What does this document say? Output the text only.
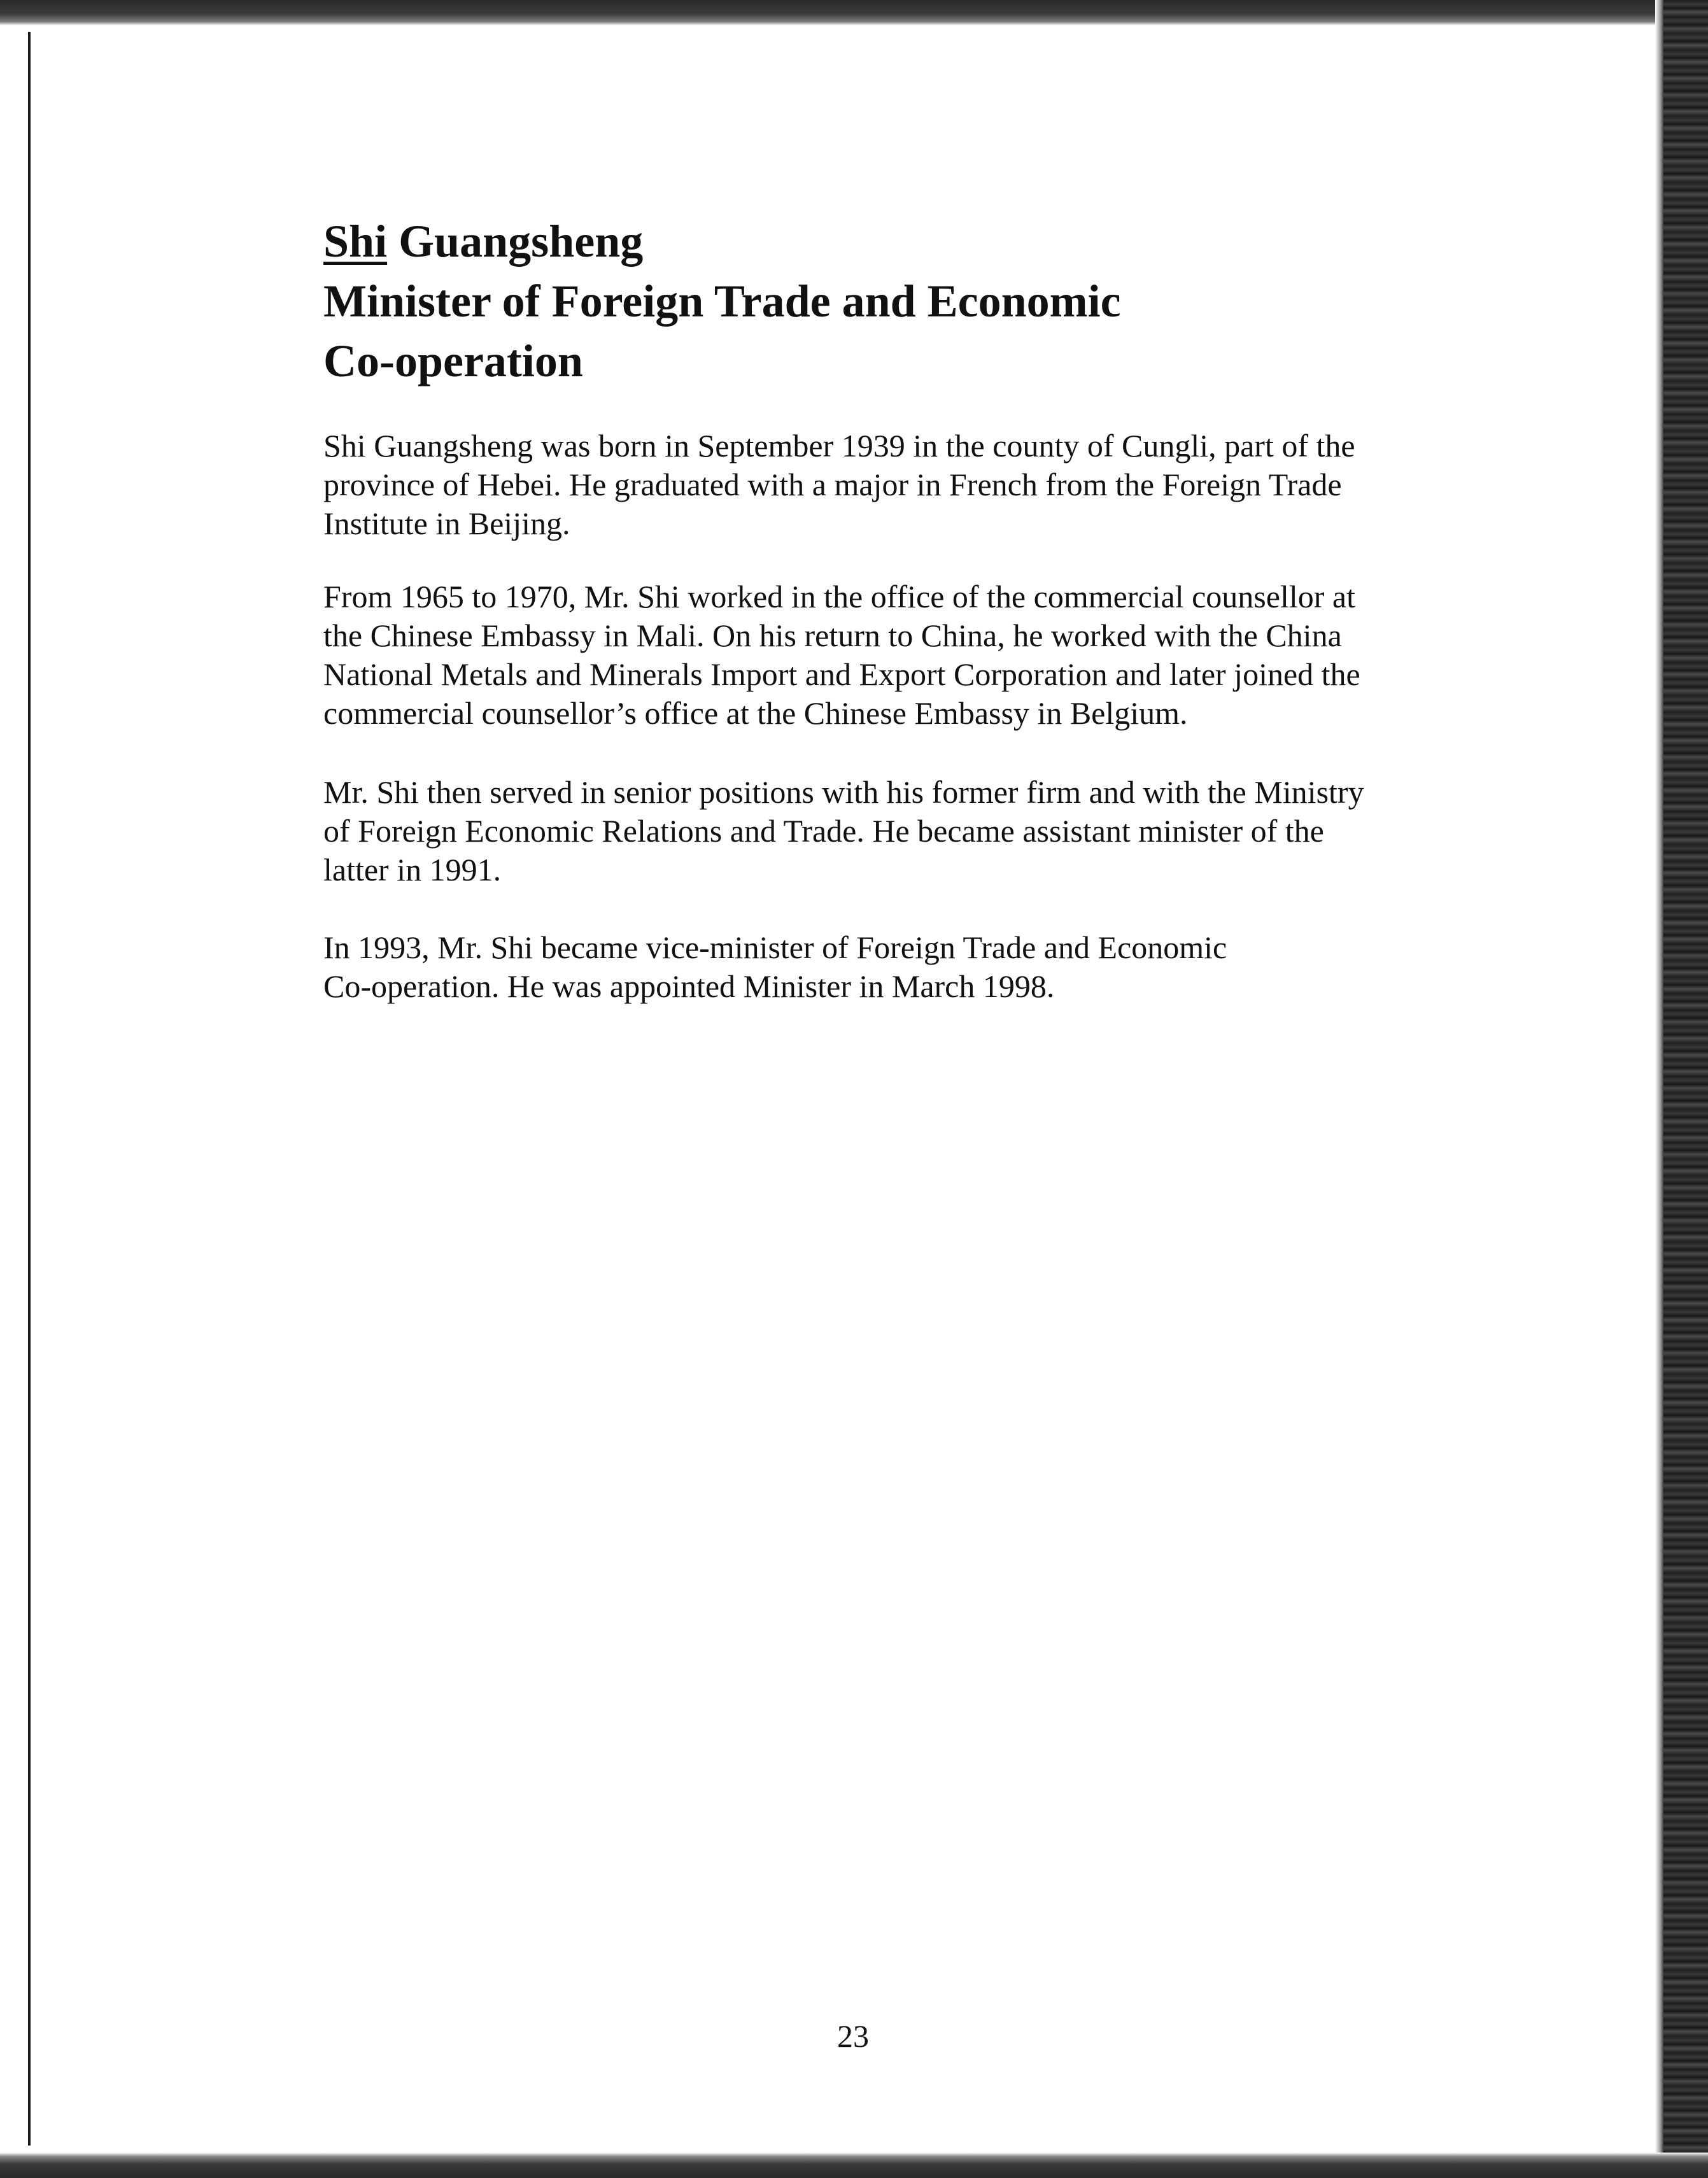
Shi Guangsheng
Minister of Foreign Trade and Economic
Co-operation

Shi Guangsheng was born in September 1939 in the county of Cungli, part of the
province of Hebei. He graduated with a major in French from the Foreign Trade
Institute in Beijing.

From 1965 to 1970, Mr. Shi worked in the office of the commercial counsellor at
the Chinese Embassy in Mali. On his return to China, he worked with the China
National Metals and Minerals Import and Export Corporation and later joined the
commercial counsellor’s office at the Chinese Embassy in Belgium.

Mr. Shi then served in senior positions with his former firm and with the Ministry
of Foreign Economic Relations and Trade. He became assistant minister of the
latter in 1991.

In 1993, Mr. Shi became vice-minister of Foreign Trade and Economic
Co-operation. He was appointed Minister in March 1998.

23
